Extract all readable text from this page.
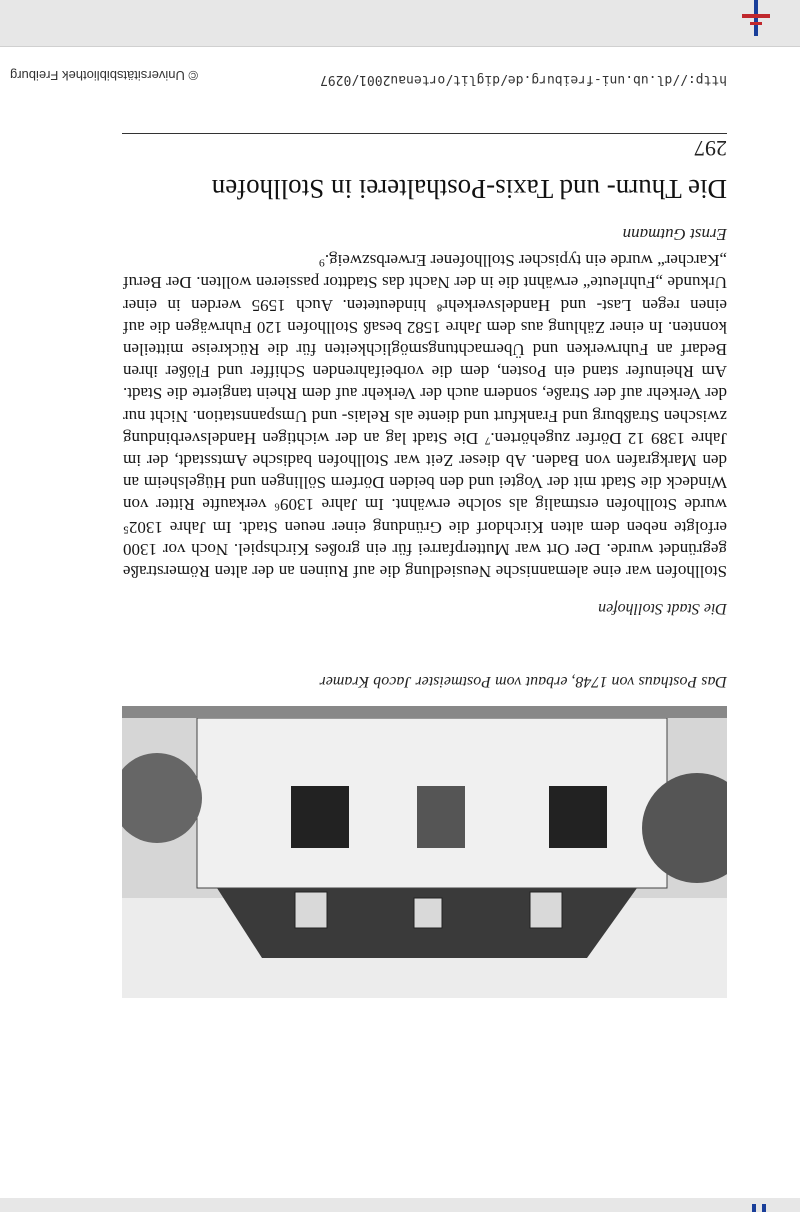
http://dl.ub.uni-freiburg.de/diglit/ortenau2001/0297
© Universitätsbibliothek Freiburg
297
Die Thurn- und Taxis-Posthalterei in Stollhofen
Ernst Gutmann
Das Posthaus von 1748, erbaut vom Postmeister Jacob Kramer
Die Stadt Stollhofen

Stollhofen war eine alemannische Neusiedlung die auf Ruinen an der alten Römerstraße gegründet wurde. Der Ort war Mutterpfarrei für ein großes Kirchspiel. Noch vor 1300 erfolgte neben dem alten Kirchdorf die Gründung einer neuen Stadt. Im Jahre 1302⁵ wurde Stollhofen erstmalig als solche erwähnt. Im Jahre 1309⁶ verkaufte Ritter von Windeck die Stadt mit der Vogtei und den beiden Dörfern Söllingen und Hügelsheim an den Markgrafen von Baden. Ab dieser Zeit war Stollhofen badische Amtsstadt, der im Jahre 1389 12 Dörfer zugehörten.⁷ Die Stadt lag an der wichtigen Handelsverbindung zwischen Straßburg und Frankfurt und diente als Relais- und Umspannstation. Nicht nur der Verkehr auf der Straße, sondern auch der Verkehr auf dem Rhein tangierte die Stadt. Am Rheinufer stand ein Posten, dem die vorbeifahrenden Schiffer und Flößer ihren Bedarf an Fuhrwerken und Übernachtungsmöglichkeiten für die Rückreise mitteilen konnten. In einer Zählung aus dem Jahre 1582 besaß Stollhofen 120 Fuhrwägen die auf einen regen Last- und Handelsverkehr⁸ hindeuteten. Auch 1595 werden in einer Urkunde „Fuhrleute“ erwähnt die in der Nacht das Stadttor passieren wollten. Der Beruf „Karcher“ wurde ein typischer Stollhofener Erwerbszweig.⁹
